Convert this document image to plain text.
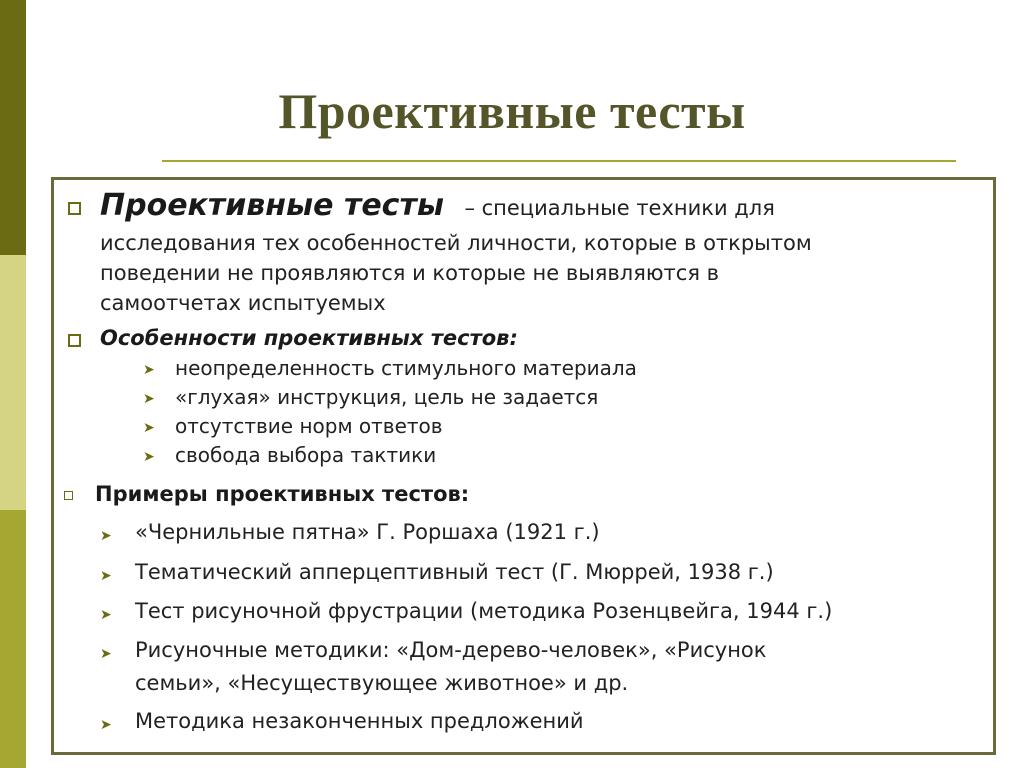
Проективные тесты
Проективные тесты – специальные техники для
исследования тех особенностей личности, которые в открытом
поведении не проявляются и которые не выявляются в
самоотчетах испытуемых
Особенности проективных тестов:
➤ неопределенность стимульного материала
➤ «глухая» инструкция, цель не задается
➤ отсутствие норм ответов
➤ свобода выбора тактики
Примеры проективных тестов:
➤ «Чернильные пятна» Г. Роршаха (1921 г.)
➤ Тематический апперцептивный тест (Г. Мюррей, 1938 г.)
➤ Тест рисуночной фрустрации (методика Розенцвейга, 1944 г.)
➤ Рисуночные методики: «Дом-дерево-человек», «Рисунок
семьи», «Несуществующее животное» и др.
➤ Методика незаконченных предложений
